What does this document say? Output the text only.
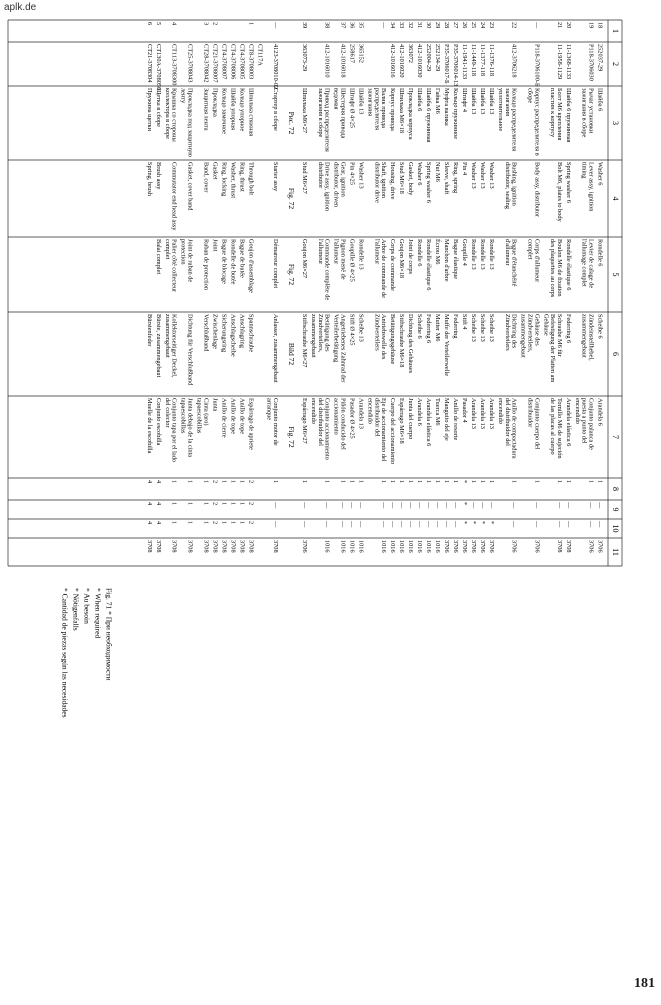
aplk.de
1
2
3
4
5
6
7
8
9
10
11
18
252037-29
Шайба 6
Washer 6
Rondelle 6
Scheibe 6
Arandela 6
1
—
—
3706
19
Р118-3706030
Рычаг установки
зажигания в сборе
Lever assy, ignition
timing
Levier de calage de
l'allumage complet
Zündeinstellhebel,
zusammengebaut
Conjunto palanca de
puesta a punto del
encendido
1
—
—
3706
20
11-1368-1133
Шайба 6 пружинная
Spring washer 6
Rondelle élastique 6
Federring 6
Arandela elástica 6
1
—
—
3708
21
11-1958-1129
Болт М6 крепления
пластин к корпусу
Bolt M6, plates to body
Boulon M6 de fixation
des plaquettes au corps
Schraube M6 für
Befestigung der Platten am
Gehäuse
Tornillo M6 de sujeción
de las placas al cuerpo
1
—
—
3708
—
Р118-3706100-Б
Корпус распределителя в
сборе
Body assy, distributor
Corps d'allumeur
complet
Gehäuse des
Zündverteilers,
zusammengebaut
Conjunto cuerpo del
distribuidor
1
—
—
3706
22
412-3706218
Кольцо распределителя
зажигания
уплотнительное
Bushing, ignition
distributor, sealing
Bague d'étanchéité
d'allumeur
Dichtring des
Zündverteilers
Anillo de compactadura
del distribuidor del
encendido
1
—
—
3706
23
11-1376-118
Шайба 13
Washer 13
Rondelle 13
Scheibe 13
Arandela 13
1
—
*
3706
24
11-1377-118
Шайба 13
Washer 13
Rondelle 13
Scheibe 13
Arandela 13
1
—
*
3706
25
11-1449-118
Шайба 13
Washer 13
Rondelle 13
Scheibe 13
Arandela 13
1
—
*
3706
26
11-1941-1133
Штифт 4
Pin 4
Goupille 4
Stift 4
Pasador 4
*
*
*
3706
27
Р35-3706014-13
Кольцо пружинное
Ring, spring
Bague élastique
Federring
Anillo de resorte
1
—
—
3706
28
Р35-3706017-Б
Муфта валика
Sleeve, shaft
Manchon d'arbre
Muffe der Verteilerwelle
Manguito del eje
1
—
—
3706
29
252134-29
Гайка М6
Nut M6
Écrou M6
Mutter M6
Tuerca M6
1
—
—
1016
30
252004-29
Шайба 6 пружинная
Spring washer 6
Rondelle élastique 6
Federring 6
Arandela elástica 6
1
—
—
1016
31
412-1016030
Шайба 6
Washer 6
Rondelle 6
Scheibe 6
Arandela 6
1
—
—
1016
32
363072
Прокладка корпуса
Gasket, body
Joint de corps
Dichtung des Gehäuses
Junta del cuerpo
1
—
—
1016
33
412-1016020
Шпилька М6×18
Stud M6×18
Goujon M6×18
Stiftschraube M6×18
Espárrago M6×18
1
—
—
1016
34
412-1016016
Корпус привода
Housing, drive
Corps de commande
Betätigungsgehäuse
Cuerpo del accionamiento
1
—
—
1016
—
Валик привода
распределителя
зажигания
Shaft, ignition
distributor drive
Arbre de commande de
l'allumeur
Antriebswelle des
Zündverteilers
Eje de accionamiento del
distribuidor del
encendido
1
—
—
1016
35
365152
Шайба 13
Washer 13
Rondelle 13
Scheibe 13
Arandela 13
1
—
—
1016
36
258617
Штифт Ø 4×25
Pin 4×25
Goupille Ø 4×25
Stift Ø 4×25
Pasador Ø 4×25
1
—
—
1016
37
412-1016018
Шестерня привода
ведомая
Gear, ignition
distributor, driven
Pignon mené de
l'allumeur
Angetriebenes Zahnrad der
Verteilerbetätigung
Piñón conducido del
accionamiento
1
—
—
1016
38
412-1016010
Привод распределителя
зажигания в сборе
Drive assy, ignition
distributor
Commande complète de
l'allumeur
Betätigung des
Zündverteilers,
zusammengebaut
Conjunto accionamiento
del distribuidor del
encendido
1
—
—
1016
39
363073-29
Шпилька М6×27
Stud M6×27
Goujon M6×27
Stiftschraube M6×27
Espárrago M6×27
1
—
—
3706
Рис. 72
Fig. 72
Fig. 72
Bild 72
Fig. 72
—
4123-3708010-02
Стартер в сборе
Starter assy
Démarreur complet
Anlasser, zusammengebaut
Conjunto motor de
arranque
1
—
—
3708
СТ117А
1
СТ8-3708003
Шпилька стяжная
Through bolt
Goujon d'assemblage
Spannschraube
Espárrago de apriete
2
2
2
3708
СТ4-3708005
Кольцо упорное
Ring, thrust
Bague de butée
Anschlagring
Anillo de tope
1
1
1
3708
СТ4-3708006
Шайба упорная
Washer, thrust
Rondelle de butée
Anschlagscheibe
Anillo de tope
1
1
1
3708
СТ4-3708007
Кольцо замочное
Ring, locking
Bague de blocage
Sicherungsring
Anillo de cierre
1
1
1
3708
2
СТ21-3708007
Прокладка
Gasket
Joint
Zwischenlage
Junta
2
2
2
3708
3
СТ28-3708042
Защитная лента
Band, cover
Ruban de protection
Verschlußband
Cinta (aro)
tapaescobillas
1
1
1
3708
СТ25-3708043
Прокладка под защитную
ленту
Gasket, cover band
Joint de ruban de
protection
Dichtung für Verschlußband
Junta debajo de la cinta
tapaescobillas
1
1
1
3708
4
СТ113-3708300
Крышка со стороны
коллектора в сборе
Commutator end head assy
Palier côté collecteur
complet
Kollektorseitiger Deckel,
zusammengebaut
Conjunto tapa por el lado
del colector
1
1
1
3708
5
СТ130А-3708050
Щетка в сборе
Brush assy
Balai complet
Bürste, zusammengebaut
Conjunto escobilla
4
4
4
3708
6
СТ21-3708304
Пружина щетки
Spring, brush
Bürstenfeder
Muelle de la escobilla
4
4
4
3708
Fig. 71 * При необходимости
* When required
* Au besoin
* Nötigenfalls
* Cantidad de piezas según las necesidades
181
